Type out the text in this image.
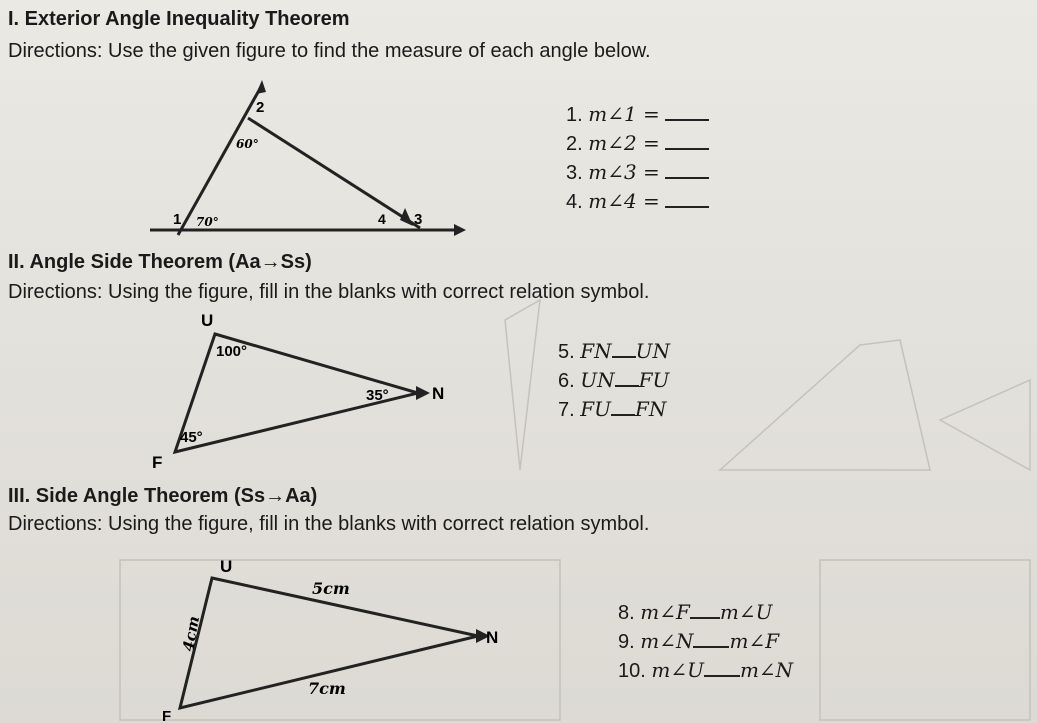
I. Exterior Angle Inequality Theorem
Directions: Use the given figure to find the measure of each angle below.
2
60°
1 70°	4 3
1. m∠1 =
2. m∠2 =
3. m∠3 =
4. m∠4 =
II. Angle Side Theorem (Aa→Ss)
Directions: Using the figure, fill in the blanks with correct relation symbol.
U
100°
35°	N
45°
F
5. FN UN
6. UN FU
7. FU FN
III. Side Angle Theorem (Ss→Aa)
Directions: Using the figure, fill in the blanks with correct relation symbol.
U
5cm
N
4cm
7cm
F
8. m∠F m∠U
9. m∠N m∠F
10. m∠U m∠N
